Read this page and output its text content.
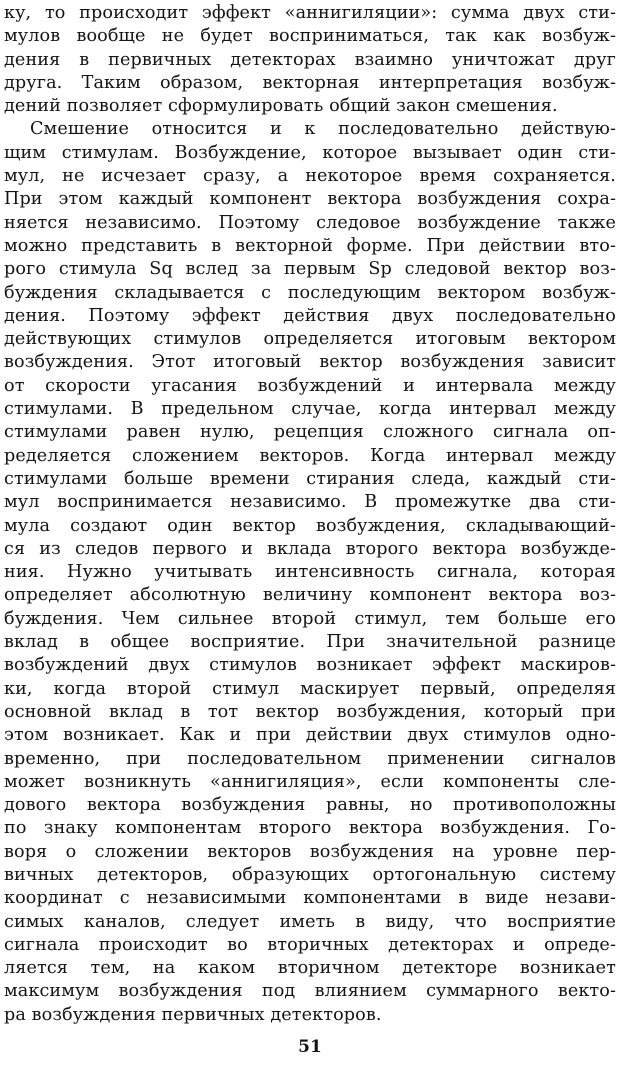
ку, то происходит эффект «аннигиляции»: сумма двух сти-
мулов вообще не будет восприниматься, так как возбуж-
дения в первичных детекторах взаимно уничтожат друг
друга. Таким образом, векторная интерпретация возбуж-
дений позволяет сформулировать общий закон смешения.
Смешение относится и к последовательно действую-
щим стимулам. Возбуждение, которое вызывает один сти-
мул, не исчезает сразу, а некоторое время сохраняется.
При этом каждый компонент вектора возбуждения сохра-
няется независимо. Поэтому следовое возбуждение также
можно представить в векторной форме. При действии вто-
рого стимула Sq вслед за первым Sp следовой вектор воз-
буждения складывается с последующим вектором возбуж-
дения. Поэтому эффект действия двух последовательно
действующих стимулов определяется итоговым вектором
возбуждения. Этот итоговый вектор возбуждения зависит
от скорости угасания возбуждений и интервала между
стимулами. В предельном случае, когда интервал между
стимулами равен нулю, рецепция сложного сигнала оп-
ределяется сложением векторов. Когда интервал между
стимулами больше времени стирания следа, каждый сти-
мул воспринимается независимо. В промежутке два сти-
мула создают один вектор возбуждения, складывающий-
ся из следов первого и вклада второго вектора возбужде-
ния. Нужно учитывать интенсивность сигнала, которая
определяет абсолютную величину компонент вектора воз-
буждения. Чем сильнее второй стимул, тем больше его
вклад в общее восприятие. При значительной разнице
возбуждений двух стимулов возникает эффект маскиров-
ки, когда второй стимул маскирует первый, определяя
основной вклад в тот вектор возбуждения, который при
этом возникает. Как и при действии двух стимулов одно-
временно, при последовательном применении сигналов
может возникнуть «аннигиляция», если компоненты сле-
дового вектора возбуждения равны, но противоположны
по знаку компонентам второго вектора возбуждения. Го-
воря о сложении векторов возбуждения на уровне пер-
вичных детекторов, образующих ортогональную систему
координат с независимыми компонентами в виде незави-
симых каналов, следует иметь в виду, что восприятие
сигнала происходит во вторичных детекторах и опреде-
ляется тем, на каком вторичном детекторе возникает
максимум возбуждения под влиянием суммарного векто-
ра возбуждения первичных детекторов.
51
